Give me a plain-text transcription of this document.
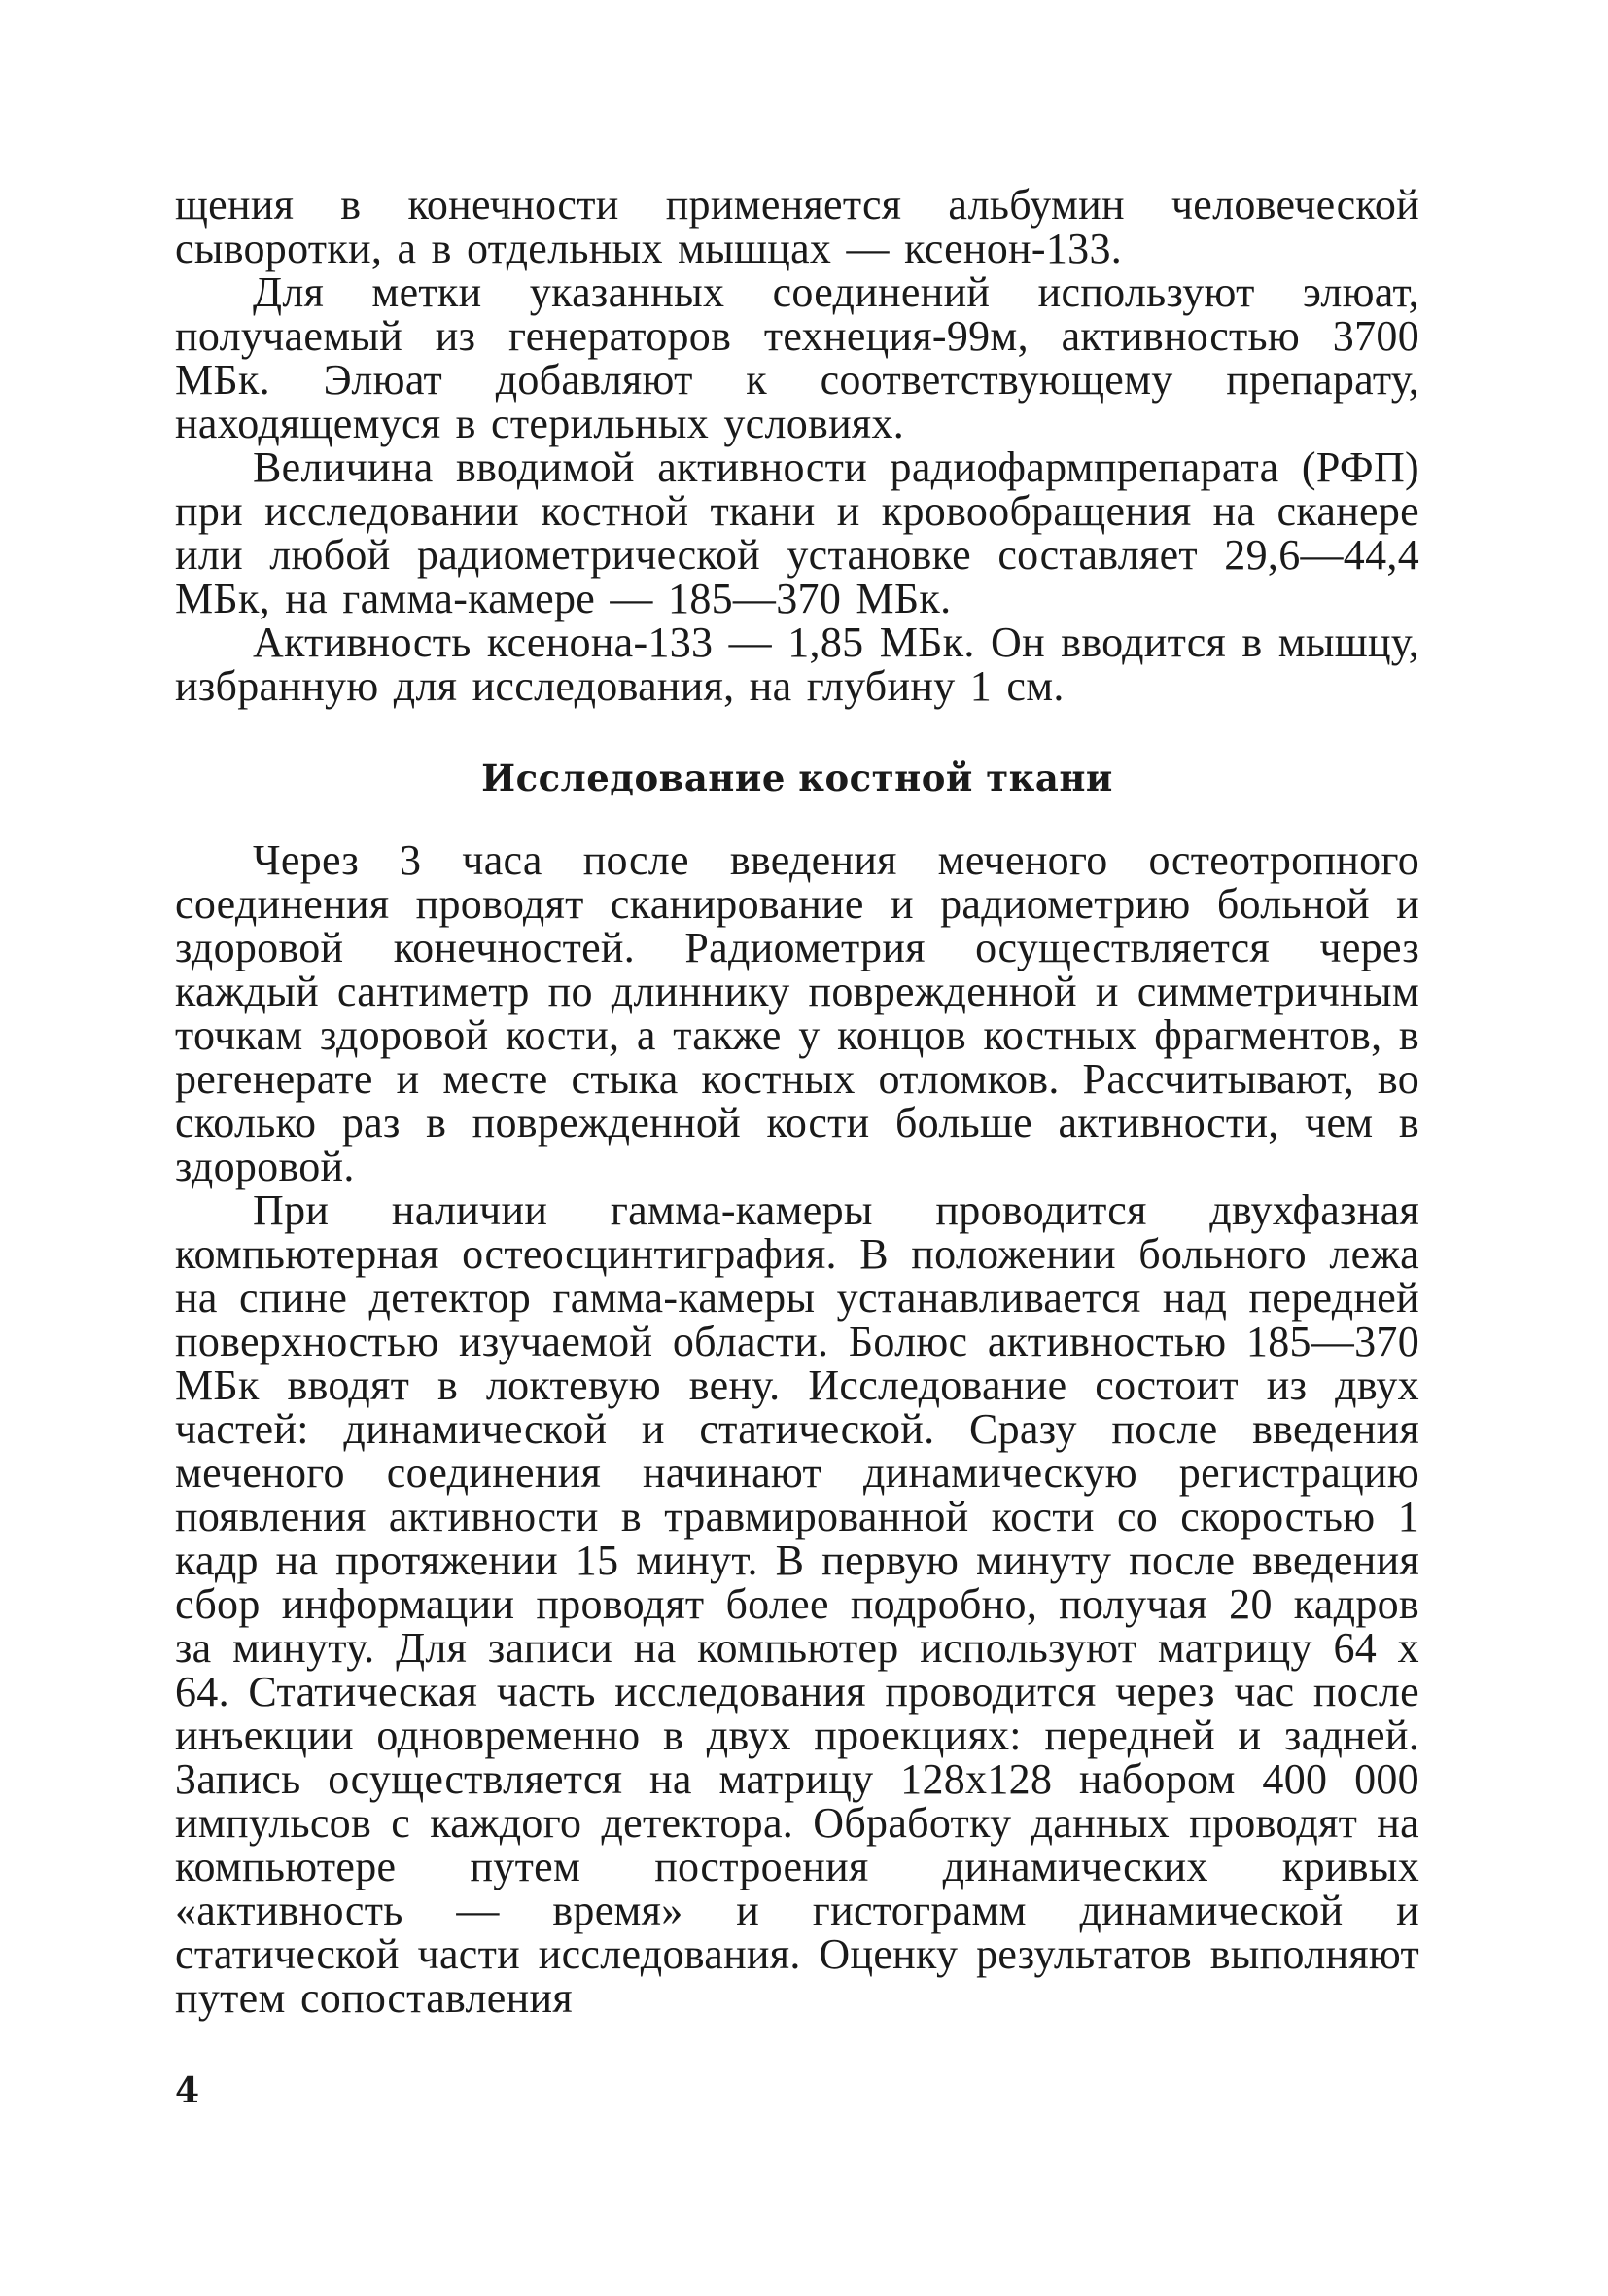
щения в конечности применяется альбумин человеческой сыворотки, а в отдельных мышцах — ксенон-133.

Для метки указанных соединений используют элюат, получаемый из генераторов технеция-99м, активностью 3700 МБк. Элюат добавляют к соответствующему препарату, находящемуся в стерильных условиях.

Величина вводимой активности радиофармпрепарата (РФП) при исследовании костной ткани и кровообращения на сканере или любой радиометрической установке составляет 29,6—44,4 МБк, на гамма-камере — 185—370 МБк.

Активность ксенона-133 — 1,85 МБк. Он вводится в мышцу, избранную для исследования, на глубину 1 см.

Исследование костной ткани

Через 3 часа после введения меченого остеотропного соединения проводят сканирование и радиометрию больной и здоровой конечностей. Радиометрия осуществляется через каждый сантиметр по длиннику поврежденной и симметричным точкам здоровой кости, а также у концов костных фрагментов, в регенерате и месте стыка костных отломков. Рассчитывают, во сколько раз в поврежденной кости больше активности, чем в здоровой.

При наличии гамма-камеры проводится двухфазная компьютерная остеосцинтиграфия. В положении больного лежа на спине детектор гамма-камеры устанавливается над передней поверхностью изучаемой области. Болюс активностью 185—370 МБк вводят в локтевую вену. Исследование состоит из двух частей: динамической и статической. Сразу после введения меченого соединения начинают динамическую регистрацию появления активности в травмированной кости со скоростью 1 кадр на протяжении 15 минут. В первую минуту после введения сбор информации проводят более подробно, получая 20 кадров за минуту. Для записи на компьютер используют матрицу 64 х 64. Статическая часть исследования проводится через час после инъекции одновременно в двух проекциях: передней и задней. Запись осуществляется на матрицу 128х128 набором 400 000 импульсов с каждого детектора. Обработку данных проводят на компьютере путем построения динамических кривых «активность — время» и гистограмм динамической и статической части исследования. Оценку результатов выполняют путем сопоставления

4
